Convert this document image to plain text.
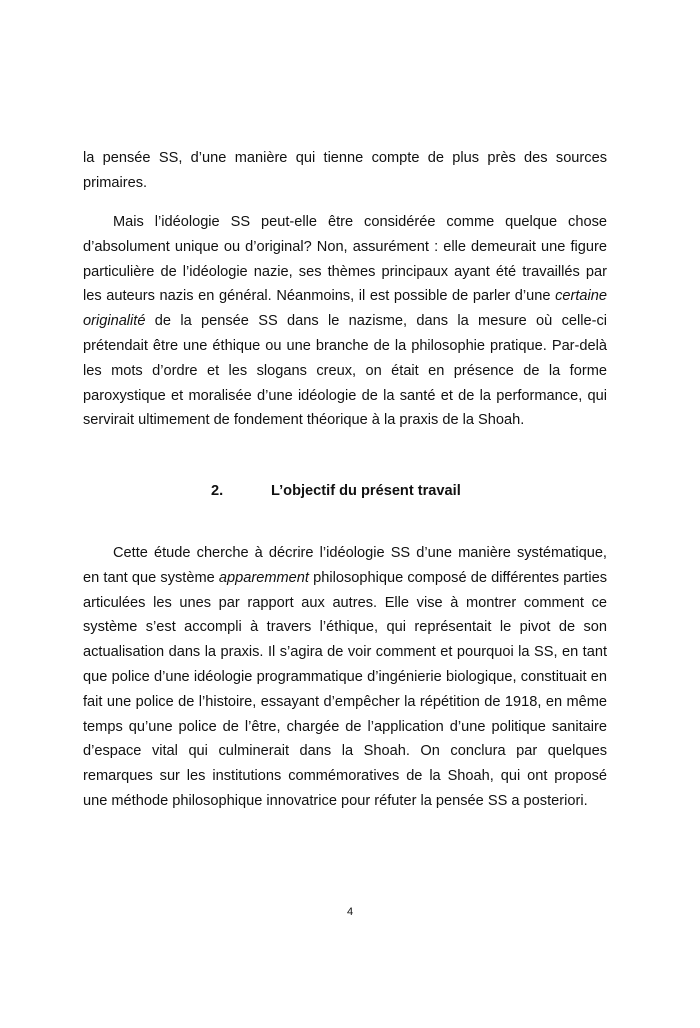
la pensée SS, d’une manière qui tienne compte de plus près des sources primaires.

Mais l’idéologie SS peut-elle être considérée comme quelque chose d’absolument unique ou d’original? Non, assurément : elle demeurait une figure particulière de l’idéologie nazie, ses thèmes principaux ayant été travaillés par les auteurs nazis en général. Néanmoins, il est possible de parler d’une certaine originalité de la pensée SS dans le nazisme, dans la mesure où celle-ci prétendait être une éthique ou une branche de la philosophie pratique. Par-delà les mots d’ordre et les slogans creux, on était en présence de la forme paroxystique et moralisée d’une idéologie de la santé et de la performance, qui servirait ultimement de fondement théorique à la praxis de la Shoah.

2.	L’objectif du présent travail

Cette étude cherche à décrire l’idéologie SS d’une manière systématique, en tant que système apparemment philosophique composé de différentes parties articulées les unes par rapport aux autres. Elle vise à montrer comment ce système s’est accompli à travers l’éthique, qui représentait le pivot de son actualisation dans la praxis. Il s’agira de voir comment et pourquoi la SS, en tant que police d’une idéologie programmatique d’ingénierie biologique, constituait en fait une police de l’histoire, essayant d’empêcher la répétition de 1918, en même temps qu’une police de l’être, chargée de l’application d’une politique sanitaire d’espace vital qui culminerait dans la Shoah. On conclura par quelques remarques sur les institutions commémoratives de la Shoah, qui ont proposé une méthode philosophique innovatrice pour réfuter la pensée SS a posteriori.

4
